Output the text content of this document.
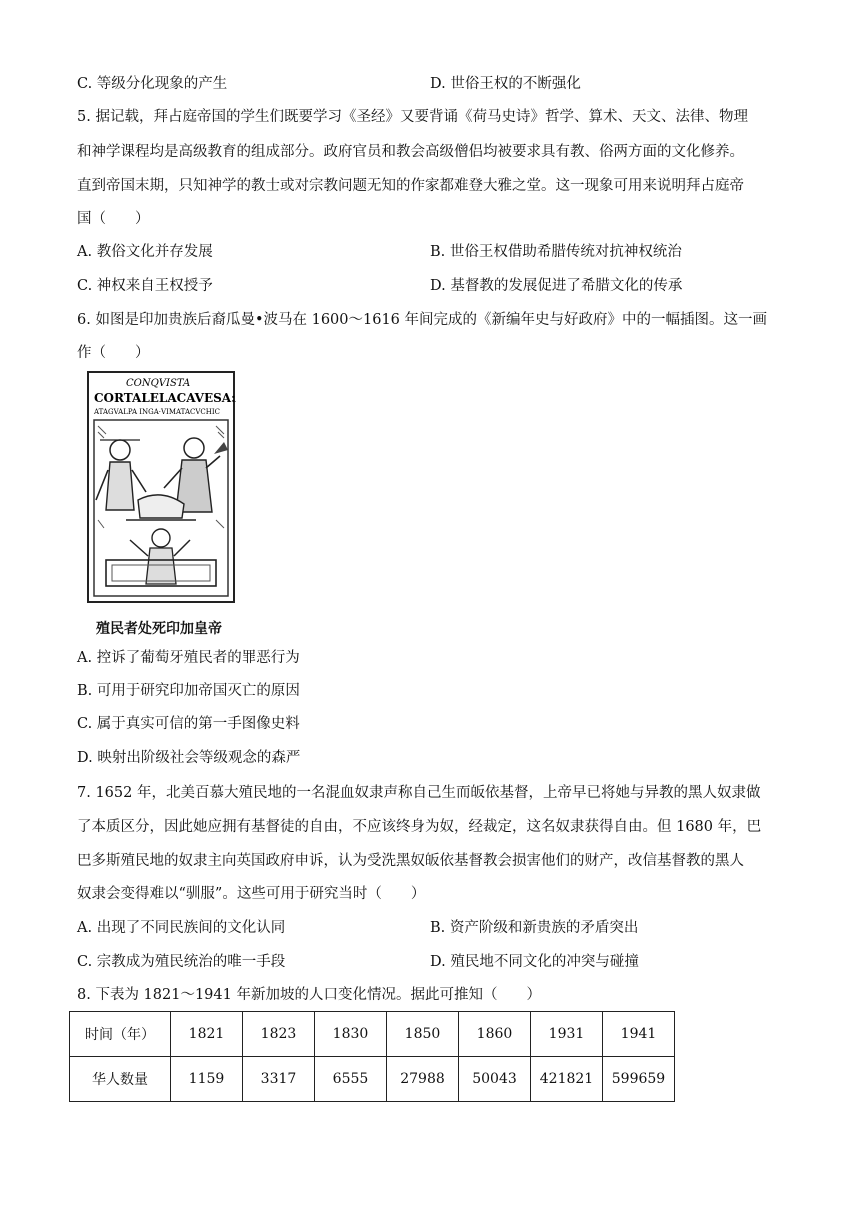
C. 等级分化现象的产生	D. 世俗王权的不断强化
5. 据记载，拜占庭帝国的学生们既要学习《圣经》又要背诵《荷马史诗》哲学、算术、天文、法律、物理
和神学课程均是高级教育的组成部分。政府官员和教会高级僧侣均被要求具有教、俗两方面的文化修养。
直到帝国末期，只知神学的教士或对宗教问题无知的作家都难登大雅之堂。这一现象可用来说明拜占庭帝
国（　　）
A. 教俗文化并存发展	B. 世俗王权借助希腊传统对抗神权统治
C. 神权来自王权授予	D. 基督教的发展促进了希腊文化的传承
6. 如图是印加贵族后裔瓜曼•波马在 1600～1616 年间完成的《新编年史与好政府》中的一幅插图。这一画
作（　　）
CONQVISTA
CORTALELACAVESA:A
ATAGVALPA INGA·VIMATACVCHIC
殖民者处死印加皇帝
A. 控诉了葡萄牙殖民者的罪恶行为
B. 可用于研究印加帝国灭亡的原因
C. 属于真实可信的第一手图像史料
D. 映射出阶级社会等级观念的森严
7. 1652 年，北美百慕大殖民地的一名混血奴隶声称自己生而皈依基督，上帝早已将她与异教的黑人奴隶做
了本质区分，因此她应拥有基督徒的自由，不应该终身为奴，经裁定，这名奴隶获得自由。但 1680 年，巴
巴多斯殖民地的奴隶主向英国政府申诉，认为受洗黑奴皈依基督教会损害他们的财产，改信基督教的黑人
奴隶会变得难以“驯服”。这些可用于研究当时（　　）
A. 出现了不同民族间的文化认同	B. 资产阶级和新贵族的矛盾突出
C. 宗教成为殖民统治的唯一手段	D. 殖民地不同文化的冲突与碰撞
8. 下表为 1821～1941 年新加坡的人口变化情况。据此可推知（　　）
时间（年）	1821	1823	1830	1850	1860	1931	1941
华人数量	1159	3317	6555	27988	50043	421821	599659
